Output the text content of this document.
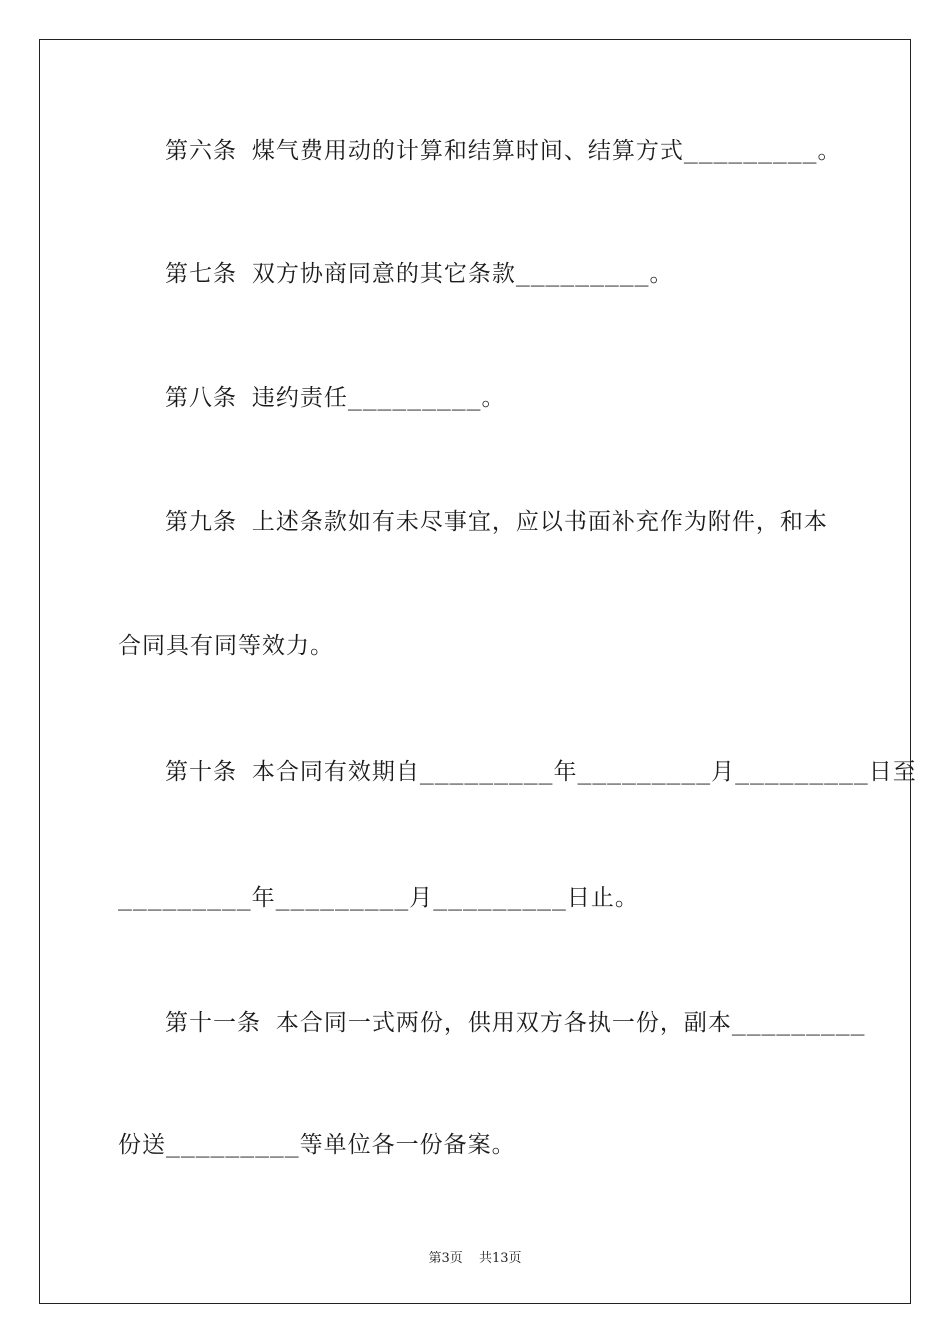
第六条 煤气费用动的计算和结算时间、结算方式_________。
第七条 双方协商同意的其它条款_________。
第八条 违约责任_________。
第九条 上述条款如有未尽事宜，应以书面补充作为附件，和本
合同具有同等效力。
第十条 本合同有效期自_________年_________月_________日至
_________年_________月_________日止。
第十一条 本合同一式两份，供用双方各执一份，副本_________
份送_________等单位各一份备案。
第3页 共13页
